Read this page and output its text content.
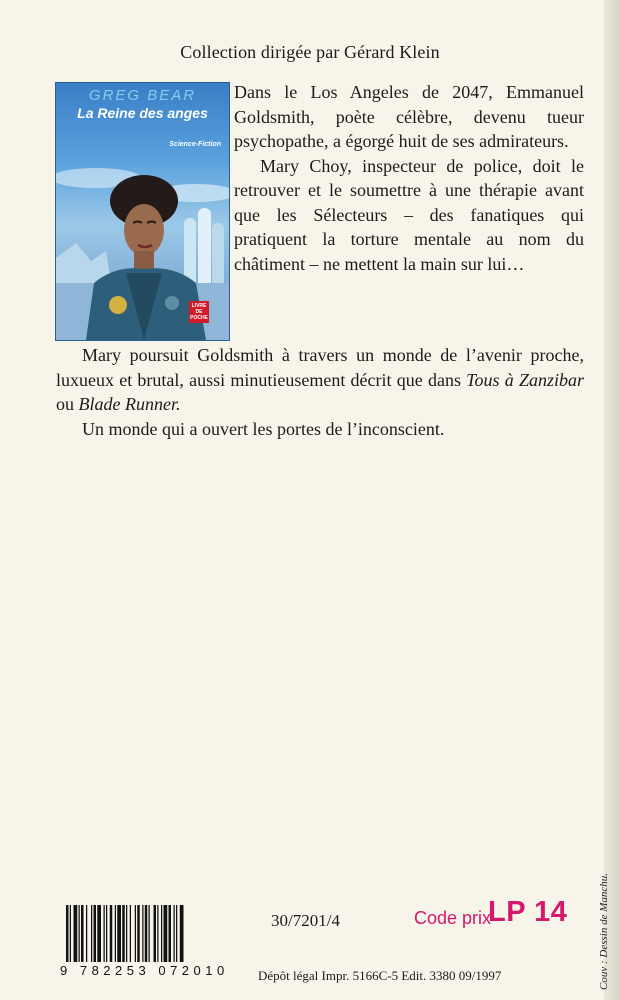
Collection dirigée par Gérard Klein
GREG BEAR
La Reine des anges
Science-Fiction
LIVRE
DE
POCHE

Dans le Los Angeles de 2047, Emmanuel Goldsmith, poète célèbre, devenu tueur psychopathe, a égorgé huit de ses admirateurs.

Mary Choy, inspecteur de police, doit le retrouver et le soumettre à une thérapie avant que les Sélecteurs – des fanatiques qui pratiquent la torture mentale au nom du châtiment – ne mettent la main sur lui…

Mary poursuit Goldsmith à travers un monde de l’avenir proche, luxueux et brutal, aussi minutieusement décrit que dans Tous à Zanzibar ou Blade Runner.

Un monde qui a ouvert les portes de l’inconscient.

9 782253 072010
30/7201/4	Code prix
LP 14
Dépôt légal Impr. 5166C-5 Edit. 3380 09/1997	Couv : Dessin de Manchu.
